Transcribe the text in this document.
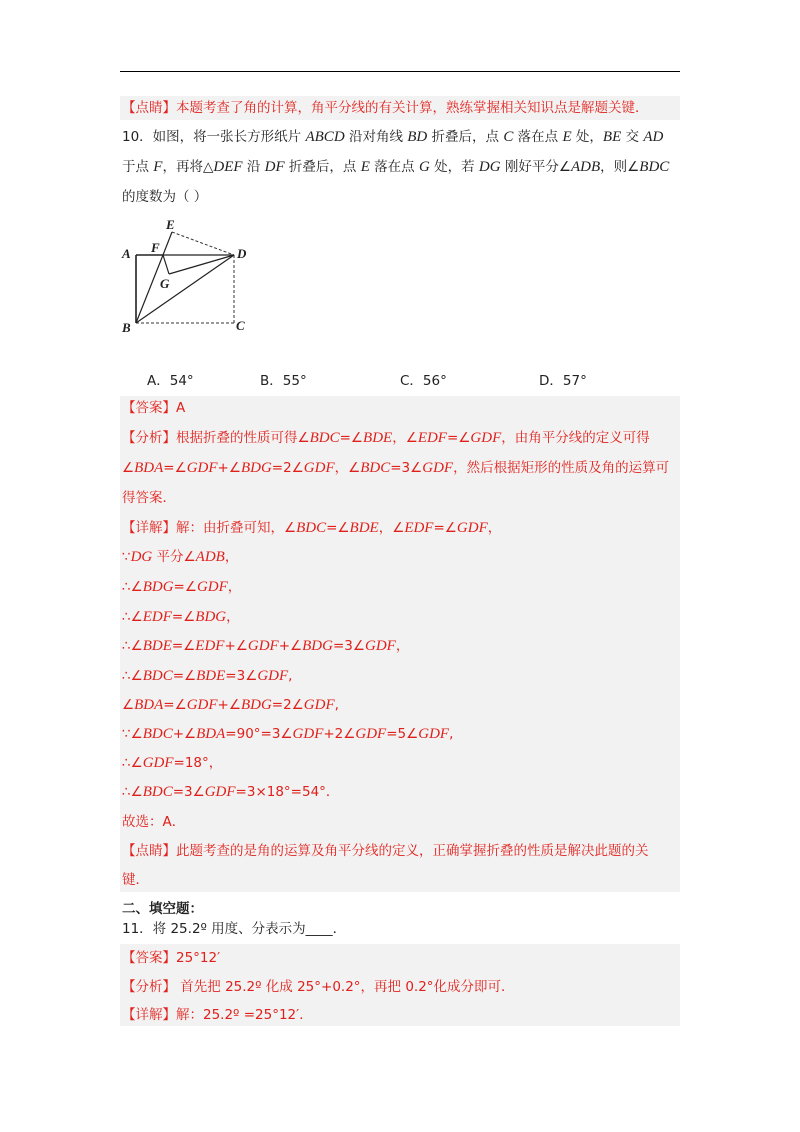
【点睛】本题考查了角的计算，角平分线的有关计算，熟练掌握相关知识点是解题关键．
10．如图，将一张长方形纸片 ABCD 沿对角线 BD 折叠后，点 C 落在点 E 处，BE 交 AD
于点 F，再将△DEF 沿 DF 折叠后，点 E 落在点 G 处，若 DG 刚好平分∠ADB，则∠BDC
的度数为（ ）
A
B	C
D
E
F
G
A．54°	B．55°	C．56°	D．57°
【答案】A
【分析】根据折叠的性质可得∠BDC=∠BDE，∠EDF=∠GDF，由角平分线的定义可得
∠BDA=∠GDF+∠BDG=2∠GDF，∠BDC=3∠GDF，然后根据矩形的性质及角的运算可
得答案．
【详解】解：由折叠可知，∠BDC=∠BDE，∠EDF=∠GDF，
∵DG 平分∠ADB，
∴∠BDG=∠GDF，
∴∠EDF=∠BDG，
∴∠BDE=∠EDF+∠GDF+∠BDG=3∠GDF，
∴∠BDC=∠BDE=3∠GDF,
∠BDA=∠GDF+∠BDG=2∠GDF,
∵∠BDC+∠BDA=90°=3∠GDF+2∠GDF=5∠GDF,
∴∠GDF=18°，
∴∠BDC=3∠GDF=3×18°=54°．
故选：A．
【点睛】此题考查的是角的运算及角平分线的定义，正确掌握折叠的性质是解决此题的关
键．
二、填空题：
11．将 25.2º 用度、分表示为____．
【答案】25°12′
【分析】 首先把 25.2º 化成 25°+0.2°，再把 0.2°化成分即可．
【详解】解：25.2º =25°12′．
